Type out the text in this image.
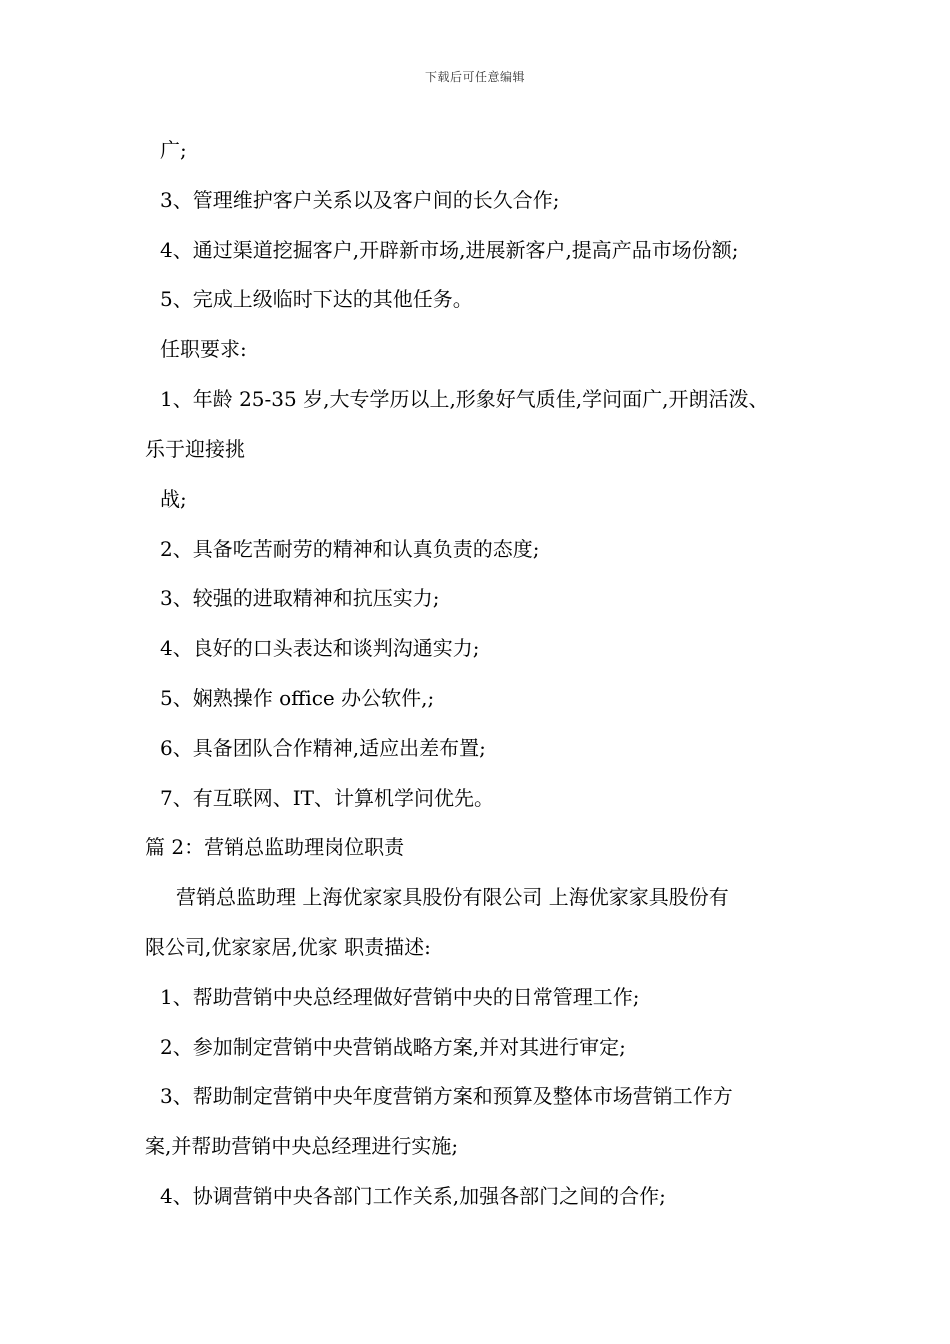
下载后可任意编辑
广;
3、管理维护客户关系以及客户间的长久合作;
4、通过渠道挖掘客户,开辟新市场,进展新客户,提高产品市场份额;
5、完成上级临时下达的其他任务。
任职要求:
1、年龄 25-35 岁,大专学历以上,形象好气质佳,学问面广,开朗活泼、
乐于迎接挑
战;
2、具备吃苦耐劳的精神和认真负责的态度;
3、较强的进取精神和抗压实力;
4、良好的口头表达和谈判沟通实力;
5、娴熟操作 office 办公软件,;
6、具备团队合作精神,适应出差布置;
7、有互联网、IT、计算机学问优先。
篇 2：营销总监助理岗位职责
营销总监助理 上海优家家具股份有限公司 上海优家家具股份有
限公司,优家家居,优家 职责描述:
1、帮助营销中央总经理做好营销中央的日常管理工作;
2、参加制定营销中央营销战略方案,并对其进行审定;
3、帮助制定营销中央年度营销方案和预算及整体市场营销工作方
案,并帮助营销中央总经理进行实施;
4、协调营销中央各部门工作关系,加强各部门之间的合作;
